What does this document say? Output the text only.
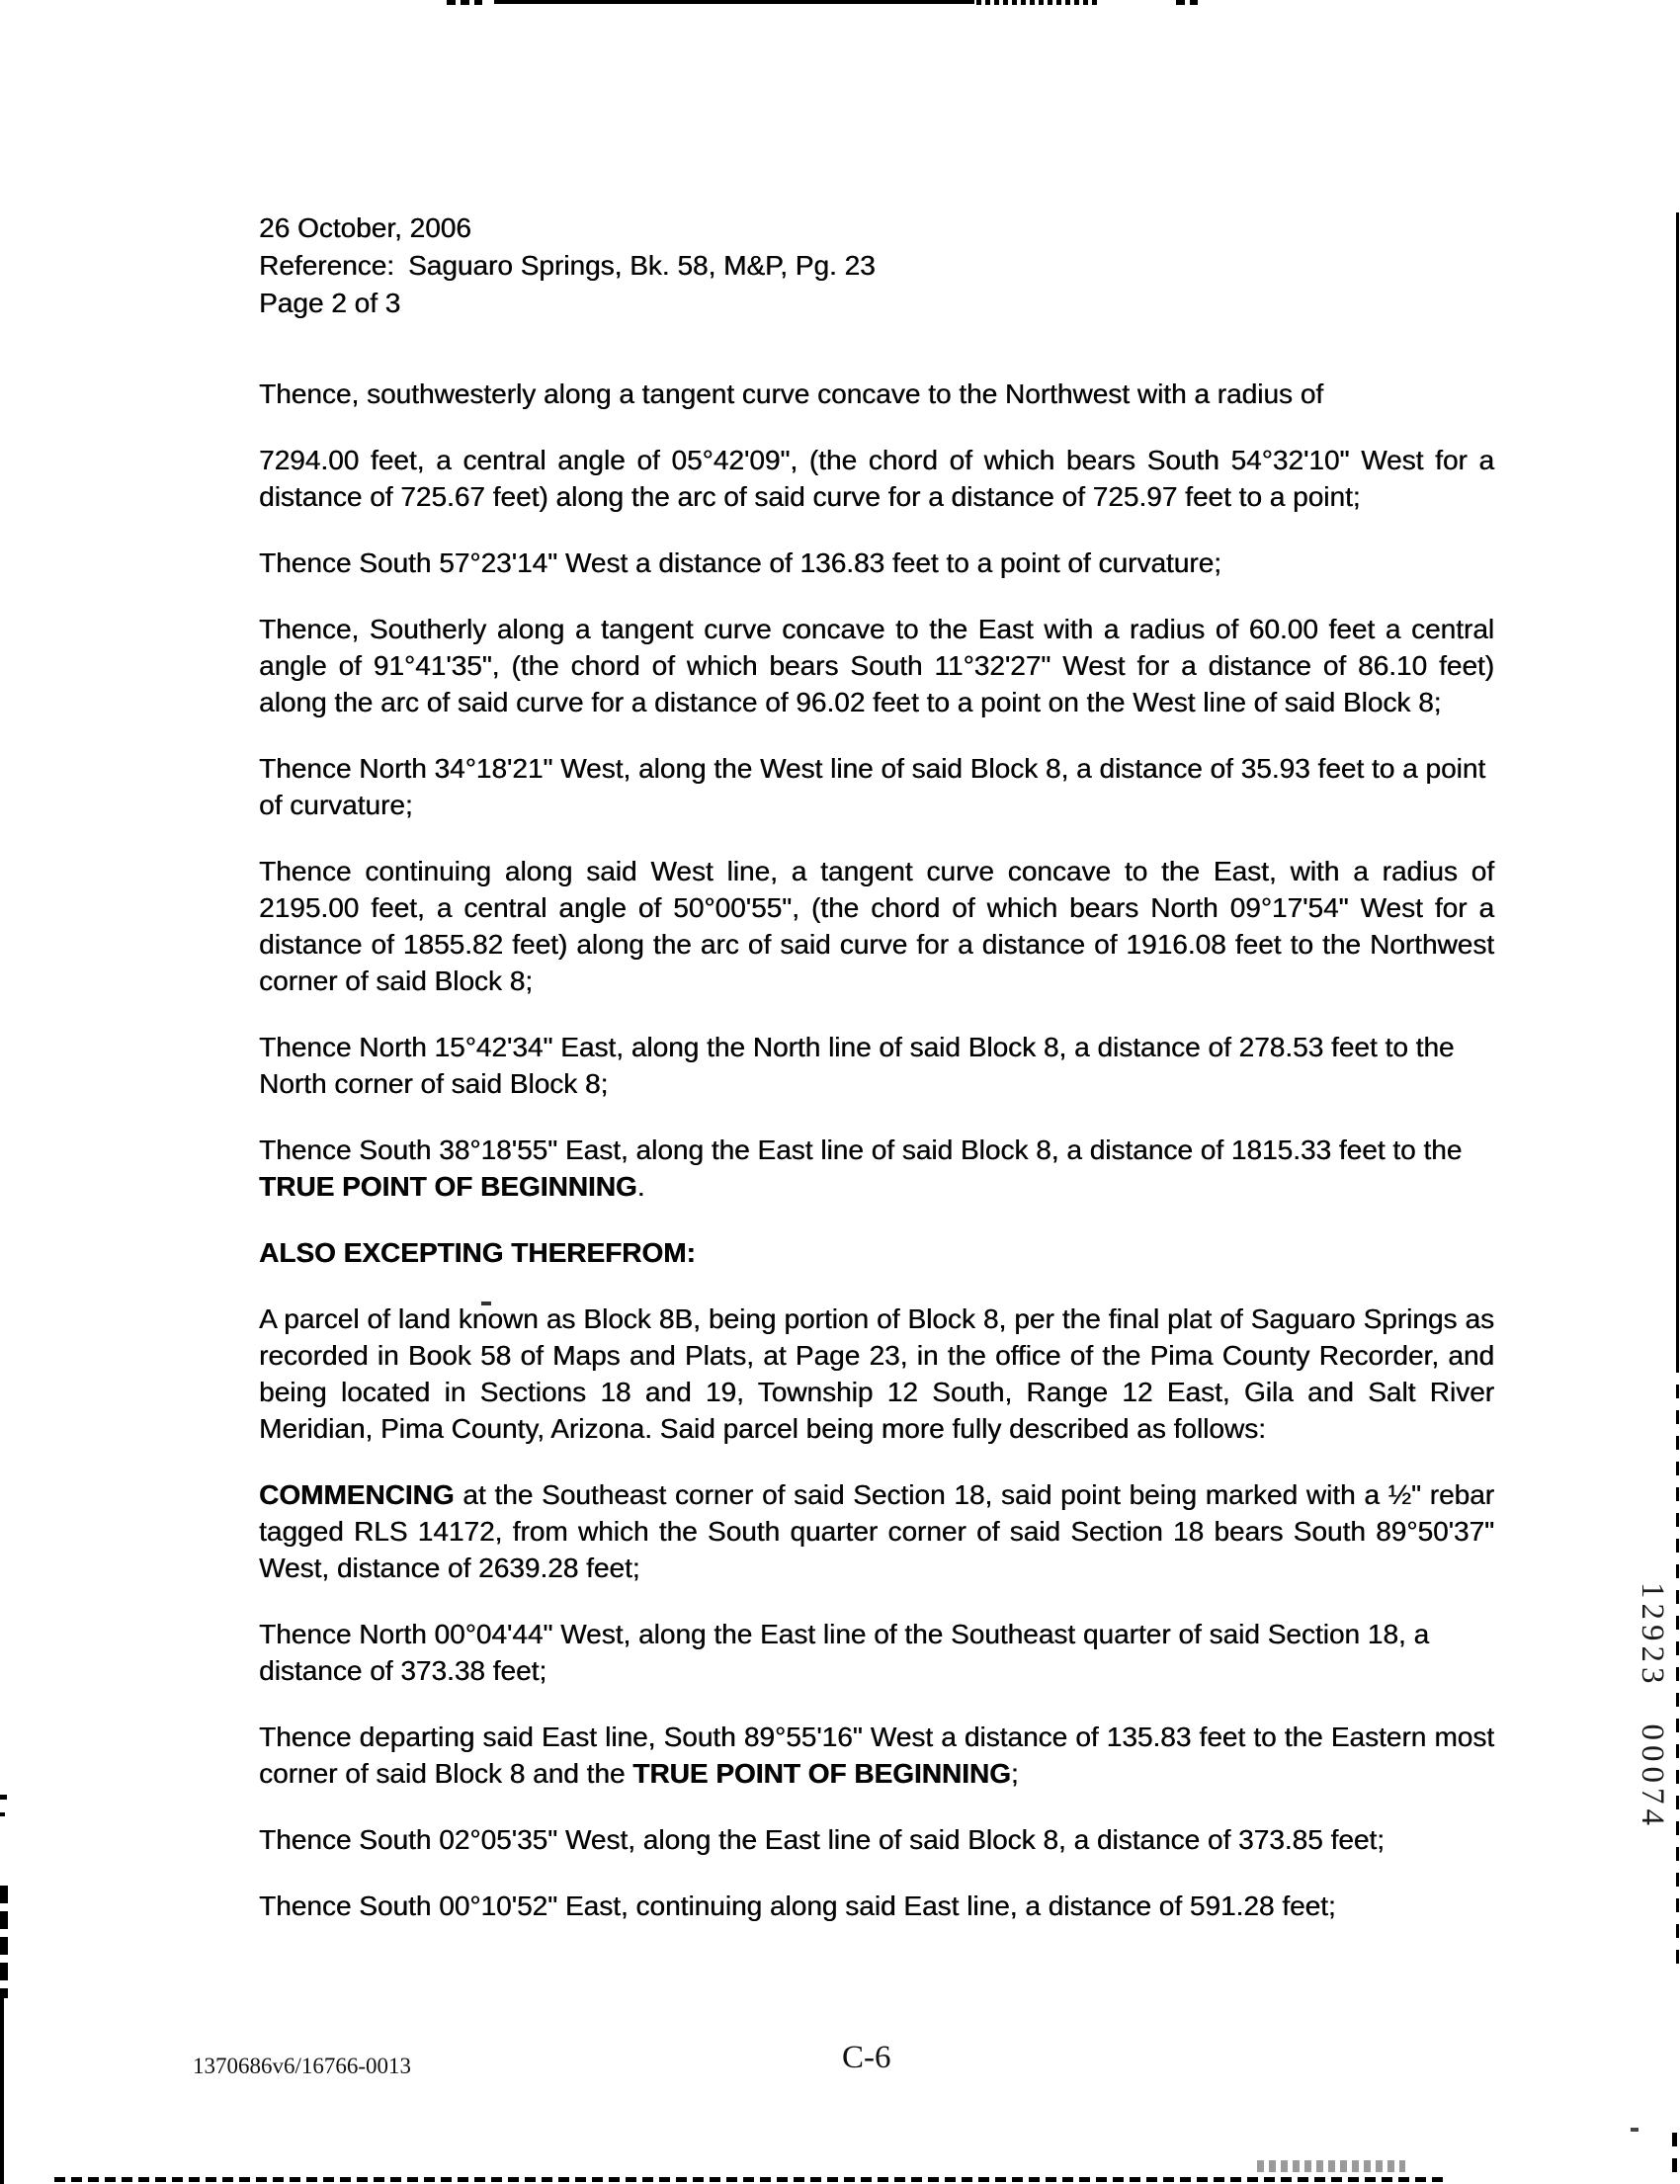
26 October, 2006
Reference: Saguaro Springs, Bk. 58, M&P, Pg. 23
Page 2 of 3

Thence, southwesterly along a tangent curve concave to the Northwest with a radius of

7294.00 feet, a central angle of 05°42'09", (the chord of which bears South 54°32'10" West for a distance of 725.67 feet) along the arc of said curve for a distance of 725.97 feet to a point;

Thence South 57°23'14" West a distance of 136.83 feet to a point of curvature;

Thence, Southerly along a tangent curve concave to the East with a radius of 60.00 feet a central angle of 91°41'35", (the chord of which bears South 11°32'27" West for a distance of 86.10 feet) along the arc of said curve for a distance of 96.02 feet to a point on the West line of said Block 8;

Thence North 34°18'21" West, along the West line of said Block 8, a distance of 35.93 feet to a point of curvature;

Thence continuing along said West line, a tangent curve concave to the East, with a radius of 2195.00 feet, a central angle of 50°00'55", (the chord of which bears North 09°17'54" West for a distance of 1855.82 feet) along the arc of said curve for a distance of 1916.08 feet to the Northwest corner of said Block 8;

Thence North 15°42'34" East, along the North line of said Block 8, a distance of 278.53 feet to the North corner of said Block 8;

Thence South 38°18'55" East, along the East line of said Block 8, a distance of 1815.33 feet to the TRUE POINT OF BEGINNING.

ALSO EXCEPTING THEREFROM:

A parcel of land known as Block 8B, being portion of Block 8, per the final plat of Saguaro Springs as recorded in Book 58 of Maps and Plats, at Page 23, in the office of the Pima County Recorder, and being located in Sections 18 and 19, Township 12 South, Range 12 East, Gila and Salt River Meridian, Pima County, Arizona. Said parcel being more fully described as follows:

COMMENCING at the Southeast corner of said Section 18, said point being marked with a ½" rebar tagged RLS 14172, from which the South quarter corner of said Section 18 bears South 89°50'37" West, distance of 2639.28 feet;

Thence North 00°04'44" West, along the East line of the Southeast quarter of said Section 18, a distance of 373.38 feet;

Thence departing said East line, South 89°55'16" West a distance of 135.83 feet to the Eastern most corner of said Block 8 and the TRUE POINT OF BEGINNING;

Thence South 02°05'35" West, along the East line of said Block 8, a distance of 373.85 feet;

Thence South 00°10'52" East, continuing along said East line, a distance of 591.28 feet;

1292300074
1370686v6/16766-0013	C-6
